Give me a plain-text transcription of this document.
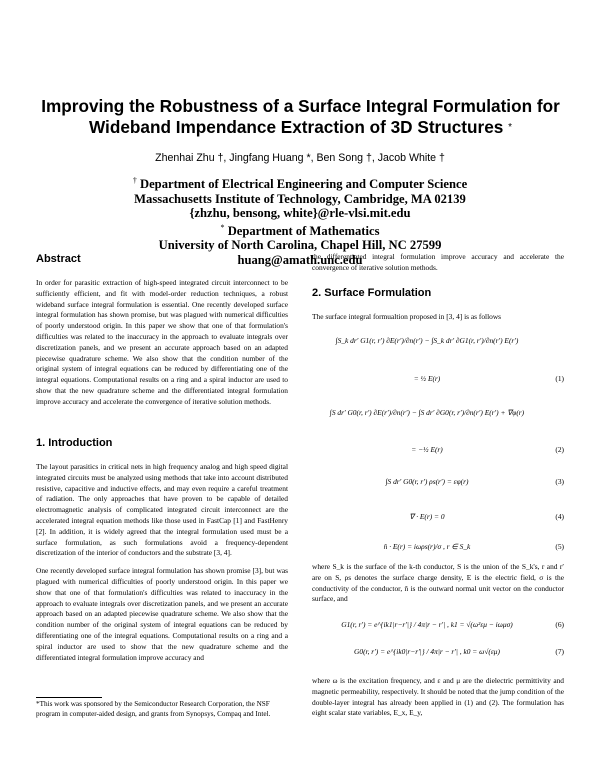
Improving the Robustness of a Surface Integral Formulation for
Wideband Impendance Extraction of 3D Structures *
Zhenhai Zhu †, Jingfang Huang *, Ben Song †, Jacob White †
† Department of Electrical Engineering and Computer Science
Massachusetts Institute of Technology, Cambridge, MA 02139
{zhzhu, bensong, white}@rle-vlsi.mit.edu
* Department of Mathematics
University of North Carolina, Chapel Hill, NC 27599
huang@amath.unc.edu
Abstract

In order for parasitic extraction of high-speed integrated circuit interconnect to be sufficiently efficient, and fit with model-order reduction techniques, a robust wideband surface integral formulation is essential. One recently developed surface integral formulation has shown promise, but was plagued with numerical difficulties of poorly understood origin. In this paper we show that one of that formulation's difficulties was related to the inaccuracy in the approach to evaluate integrals over discretization panels, and we present an accurate approach based on an adapted piecewise quadrature scheme. We also show that the condition number of the original system of integral equations can be reduced by differentiating one of the integral equations. Computational results on a ring and a spiral inductor are used to show that the new quadrature scheme and the differentiated integral formulation improve accuracy and accelerate the convergence of iterative solution methods.

1. Introduction

The layout parasitics in critical nets in high frequency analog and high speed digital integrated circuits must be analyzed using methods that take into account distributed resistive, capacitive and inductive effects, and may even require a careful treatment of radiation. The only approaches that have proven to be capable of detailed electromagnetic analysis of complicated integrated circuit interconnect are the accelerated integral equation methods like those used in FastCap [1] and FastHenry [2]. In addition, it is widely agreed that the integral formulation used must be a surface formulation, as such formulations avoid a frequency-dependent discretization of the interior of conductors and the substrate [3, 4].

One recently developed surface integral formulation has shown promise [3], but was plagued with numerical difficulties of poorly understood origin. In this paper we show that one of that formulation's difficulties was related to inaccuracy in the approach to evaluate integrals over discretization panels, and we present an accurate approach based on an adapted piecewise quadrature scheme. We also show that the condition number of the original system of integral equations can be reduced by differentiating one of the integral equations. Computational results on a ring and a spiral inductor are used to show that the new quadrature scheme and the differentiated integral formulation improve accuracy and

*This work was sponsored by the Semiconductor Research Corporation, the NSF program in computer-aided design, and grants from Synopsys, Compaq and Intel.

the differentiated integral formulation improve accuracy and accelerate the convergence of iterative solution methods.

2. Surface Formulation

The surface integral formualtion proposed in [3, 4] is as follows

∫S_k dr′ G1(r, r′) ∂E(r′)/∂n(r′) − ∫S_k dr′ ∂G1(r, r′)/∂n(r′) E(r′)
= ½ E(r)	(1)
∫S dr′ G0(r, r′) ∂E(r′)/∂n(r′) − ∫S dr′ ∂G0(r, r′)/∂n(r′) E(r′) + ∇φ(r)
= −½ E(r)	(2)
∫S dr′ G0(r, r′) ρs(r′) = εφ(r)	(3)
∇ · E(r) = 0	(4)
n̂ · E(r) = iωρs(r)/σ , r ∈ S_k	(5)

where S_k is the surface of the k-th conductor, S is the union of the S_k's, r and r′ are on S, ρs denotes the surface charge density, E is the electric field, σ is the conductivity of the conductor, n̂ is the outward normal unit vector on the conductor surface, and

G1(r, r′) = e^{ik1|r−r′|} / 4π|r − r′| , k1 = √(ω²εμ − iωμσ)	(6)
G0(r, r′) = e^{ik0|r−r′|} / 4π|r − r′| , k0 = ω√(εμ)	(7)

where ω is the excitation frequency, and ε and μ are the dielectric permittivity and magnetic permeability, respectively. It should be noted that the jump condition of the double-layer integral has already been applied in (1) and (2). The formulation has eight scalar state variables, E_x, E_y,
